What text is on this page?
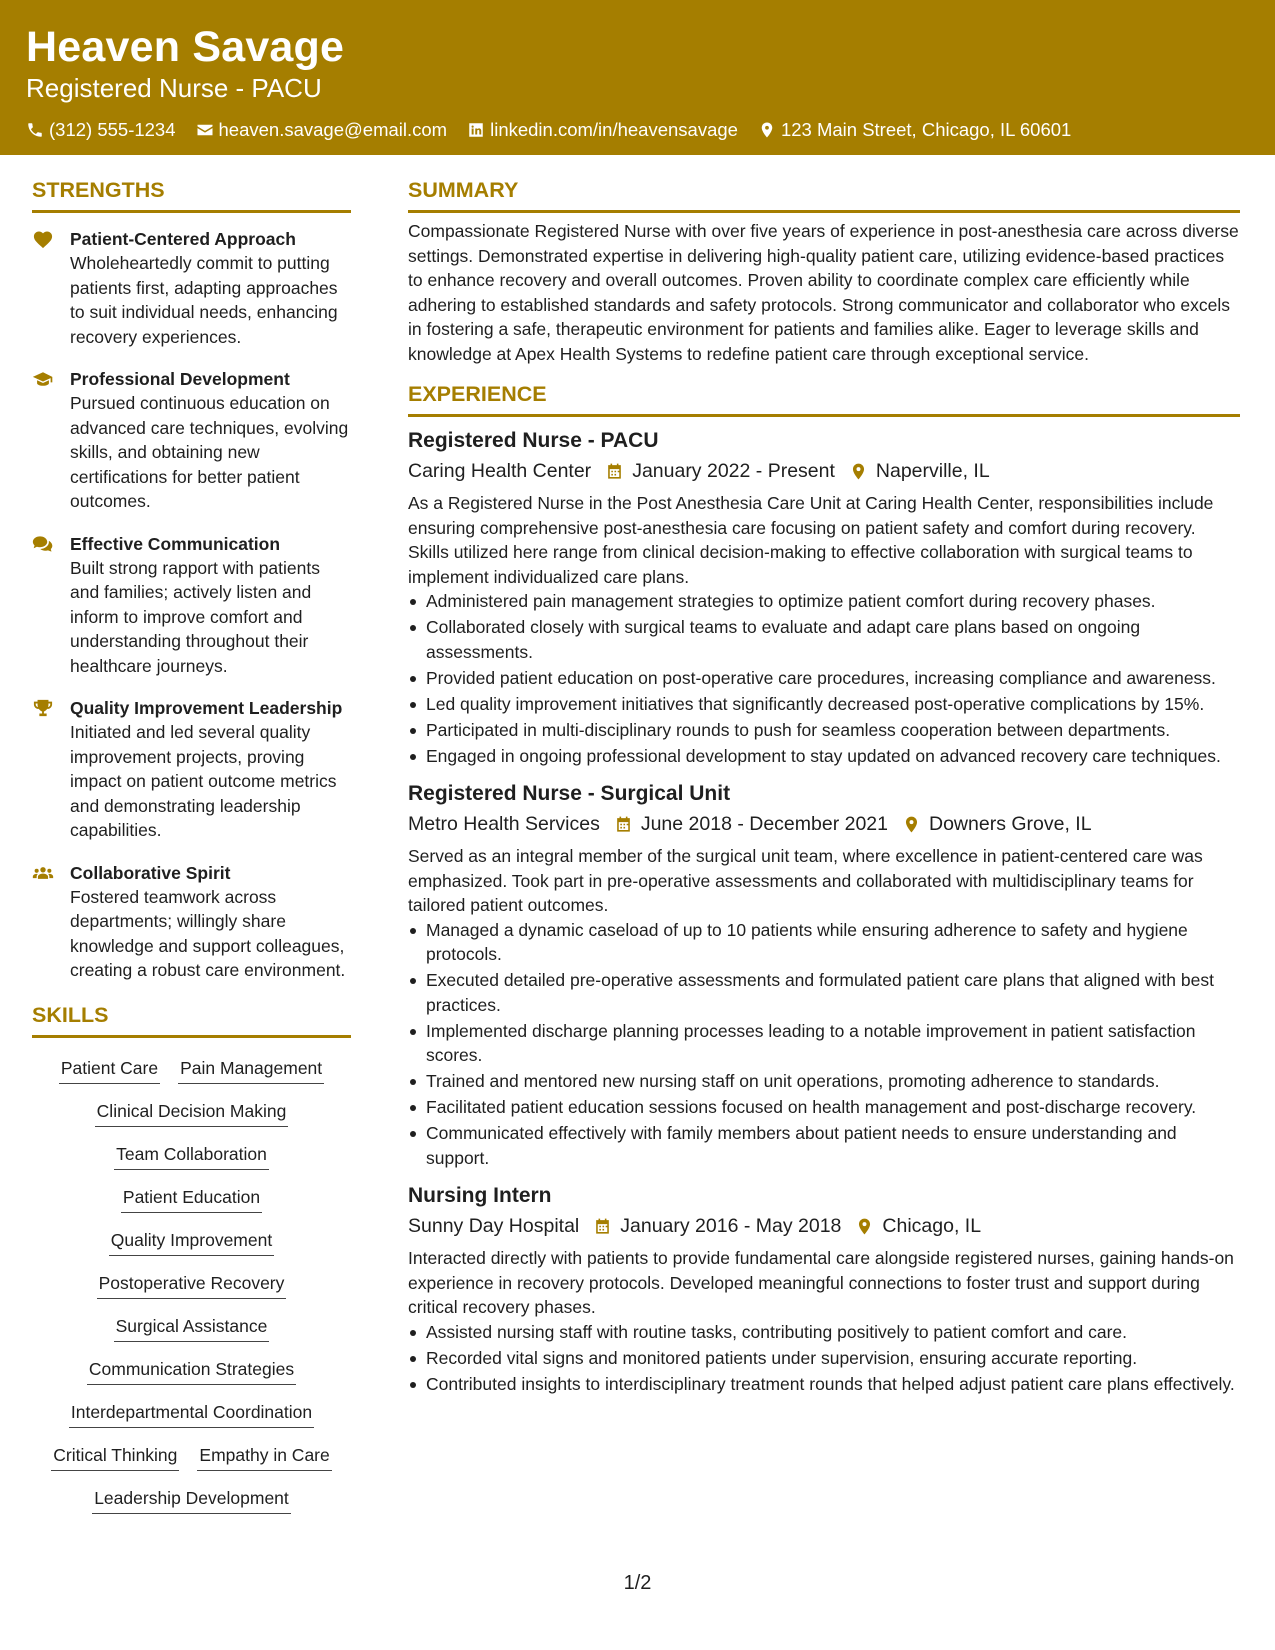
Heaven Savage
Registered Nurse - PACU
(312) 555-1234 heaven.savage@email.com linkedin.com/in/heavensavage 123 Main Street, Chicago, IL 60601
STRENGTHS
Patient-Centered Approach
Wholeheartedly commit to putting patients first, adapting approaches to suit individual needs, enhancing recovery experiences.
Professional Development
Pursued continuous education on advanced care techniques, evolving skills, and obtaining new certifications for better patient outcomes.
Effective Communication
Built strong rapport with patients and families; actively listen and inform to improve comfort and understanding throughout their healthcare journeys.
Quality Improvement Leadership
Initiated and led several quality improvement projects, proving impact on patient outcome metrics and demonstrating leadership capabilities.
Collaborative Spirit
Fostered teamwork across departments; willingly share knowledge and support colleagues, creating a robust care environment.
SKILLS
Patient Care Pain Management
Clinical Decision Making
Team Collaboration
Patient Education
Quality Improvement
Postoperative Recovery
Surgical Assistance
Communication Strategies
Interdepartmental Coordination
Critical Thinking Empathy in Care
Leadership Development
SUMMARY
Compassionate Registered Nurse with over five years of experience in post-anesthesia care across diverse settings. Demonstrated expertise in delivering high-quality patient care, utilizing evidence-based practices to enhance recovery and overall outcomes. Proven ability to coordinate complex care efficiently while adhering to established standards and safety protocols. Strong communicator and collaborator who excels in fostering a safe, therapeutic environment for patients and families alike. Eager to leverage skills and knowledge at Apex Health Systems to redefine patient care through exceptional service.
EXPERIENCE
Registered Nurse - PACU
Caring Health Center January 2022 - Present Naperville, IL
As a Registered Nurse in the Post Anesthesia Care Unit at Caring Health Center, responsibilities include ensuring comprehensive post-anesthesia care focusing on patient safety and comfort during recovery. Skills utilized here range from clinical decision-making to effective collaboration with surgical teams to implement individualized care plans.
Administered pain management strategies to optimize patient comfort during recovery phases.
Collaborated closely with surgical teams to evaluate and adapt care plans based on ongoing assessments.
Provided patient education on post-operative care procedures, increasing compliance and awareness.
Led quality improvement initiatives that significantly decreased post-operative complications by 15%.
Participated in multi-disciplinary rounds to push for seamless cooperation between departments.
Engaged in ongoing professional development to stay updated on advanced recovery care techniques.
Registered Nurse - Surgical Unit
Metro Health Services June 2018 - December 2021 Downers Grove, IL
Served as an integral member of the surgical unit team, where excellence in patient-centered care was emphasized. Took part in pre-operative assessments and collaborated with multidisciplinary teams for tailored patient outcomes.
Managed a dynamic caseload of up to 10 patients while ensuring adherence to safety and hygiene protocols.
Executed detailed pre-operative assessments and formulated patient care plans that aligned with best practices.
Implemented discharge planning processes leading to a notable improvement in patient satisfaction scores.
Trained and mentored new nursing staff on unit operations, promoting adherence to standards.
Facilitated patient education sessions focused on health management and post-discharge recovery.
Communicated effectively with family members about patient needs to ensure understanding and support.
Nursing Intern
Sunny Day Hospital January 2016 - May 2018 Chicago, IL
Interacted directly with patients to provide fundamental care alongside registered nurses, gaining hands-on experience in recovery protocols. Developed meaningful connections to foster trust and support during critical recovery phases.
Assisted nursing staff with routine tasks, contributing positively to patient comfort and care.
Recorded vital signs and monitored patients under supervision, ensuring accurate reporting.
Contributed insights to interdisciplinary treatment rounds that helped adjust patient care plans effectively.
1/2
